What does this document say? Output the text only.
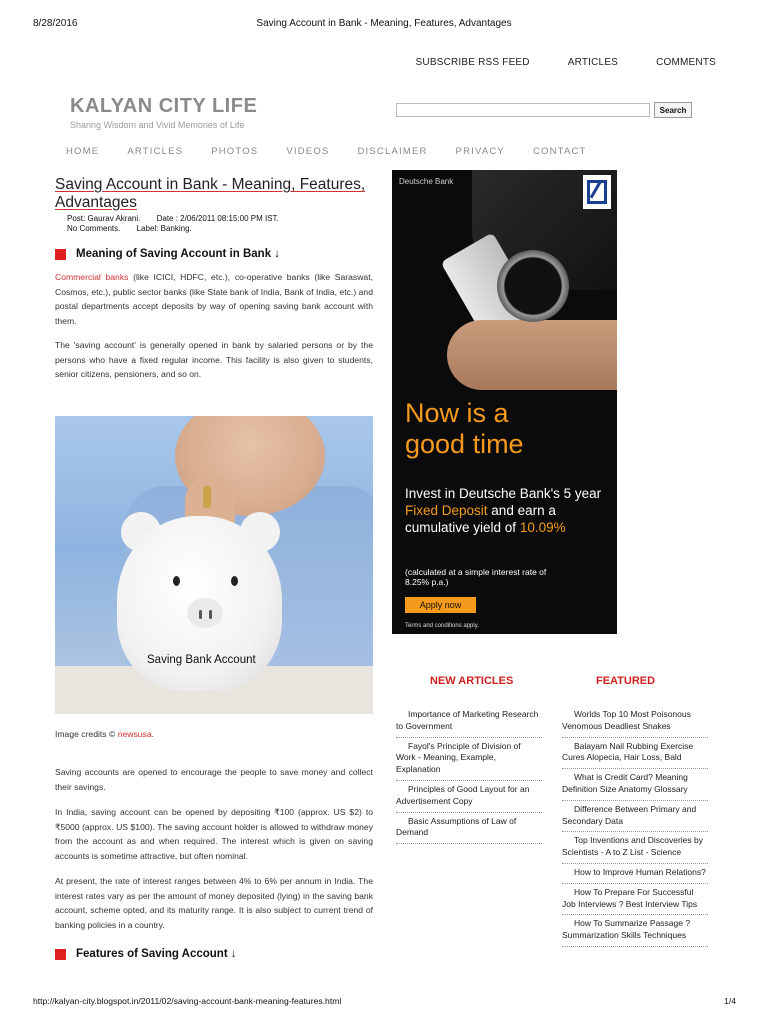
8/28/2016	Saving Account in Bank - Meaning, Features, Advantages
SUBSCRIBE RSS FEED	ARTICLES	COMMENTS
KALYAN CITY LIFE
Sharing Wisdom and Vivid Memories of Life
Search
HOME	ARTICLES	PHOTOS	VIDEOS	DISCLAIMER	PRIVACY	CONTACT
Saving Account in Bank - Meaning, Features, Advantages
Post: Gaurav Akrani. Date : 2/06/2011 08:15:00 PM IST.
No Comments. Label: Banking.
Meaning of Saving Account in Bank ↓

Commercial banks (like ICICI, HDFC, etc.), co-operative banks (like Saraswat, Cosmos, etc.), public sector banks (like State bank of India, Bank of India, etc.) and postal departments accept deposits by way of opening saving bank account with them.

The 'saving account' is generally opened in bank by salaried persons or by the persons who have a fixed regular income. This facility is also given to students, senior citizens, pensioners, and so on.

Saving Bank Account
Image credits © newsusa.

Saving accounts are opened to encourage the people to save money and collect their savings.

In India, saving account can be opened by depositing ₹100 (approx. US $2) to ₹5000 (approx. US $100). The saving account holder is allowed to withdraw money from the account as and when required. The interest which is given on saving accounts is sometime attractive, but often nominal.

At present, the rate of interest ranges between 4% to 6% per annum in India. The interest rates vary as per the amount of money deposited (lying) in the saving bank account, scheme opted, and its maturity range. It is also subject to current trend of banking policies in a country.

Features of Saving Account ↓
Deutsche Bank
Now is a good time
Invest in Deutsche Bank's 5 year Fixed Deposit and earn a cumulative yield of 10.09%
(calculated at a simple interest rate of 8.25% p.a.)
Apply now
Terms and conditions apply.
NEW ARTICLES
Importance of Marketing Research to Government
Fayol's Principle of Division of Work - Meaning, Example, Explanation
Principles of Good Layout for an Advertisement Copy
Basic Assumptions of Law of Demand
FEATURED
Worlds Top 10 Most Poisonous Venomous Deadliest Snakes
Balayam Nail Rubbing Exercise Cures Alopecia, Hair Loss, Bald
What is Credit Card? Meaning Definition Size Anatomy Glossary
Difference Between Primary and Secondary Data
Top Inventions and Discoveries by Scientists - A to Z List - Science
How to Improve Human Relations?
How To Prepare For Successful Job Interviews ? Best Interview Tips
How To Summarize Passage ? Summarization Skills Techniques
http://kalyan-city.blogspot.in/2011/02/saving-account-bank-meaning-features.html	1/4
